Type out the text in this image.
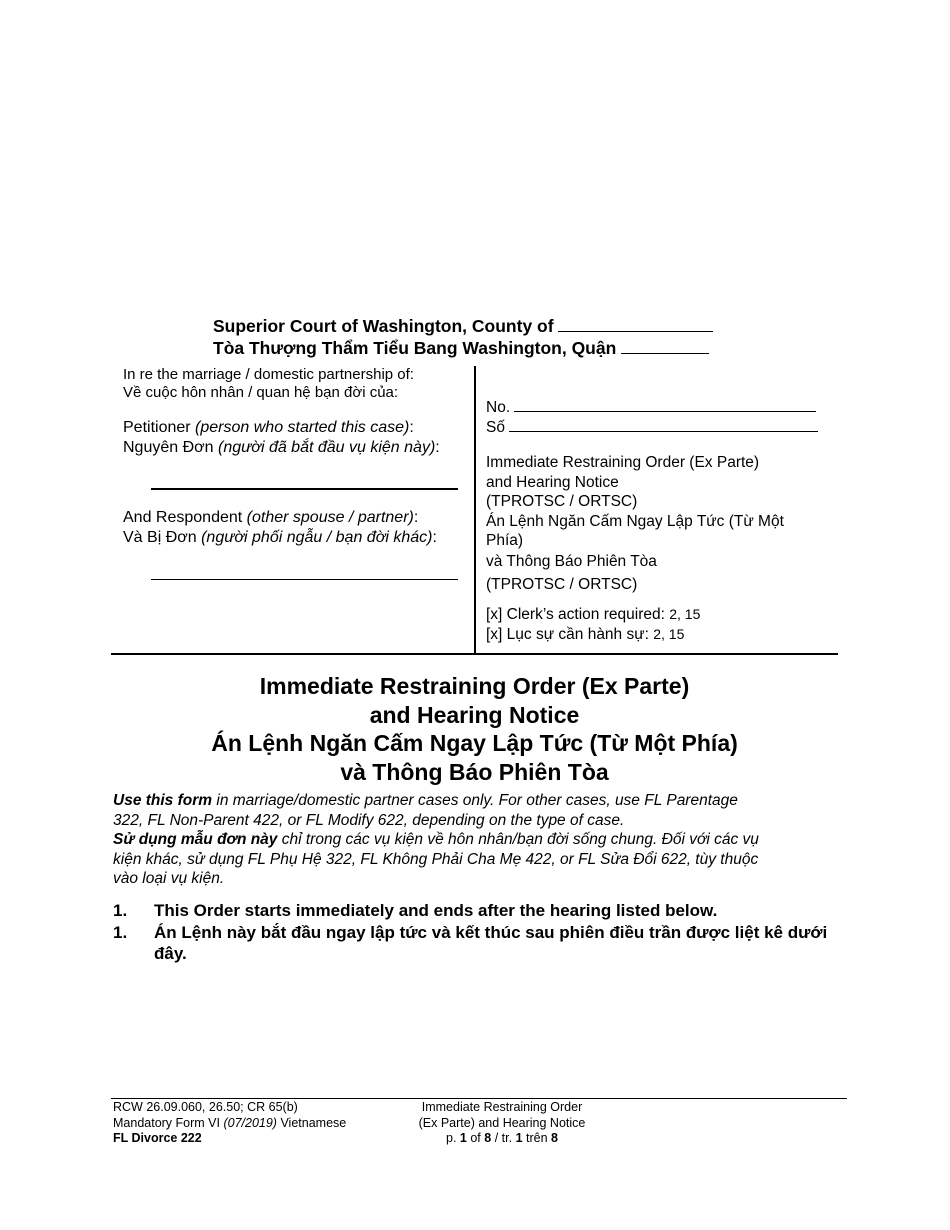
Superior Court of Washington, County of
Tòa Thượng Thẩm Tiểu Bang Washington, Quận
In re the marriage / domestic partnership of:
Về cuộc hôn nhân / quan hệ bạn đời của:
Petitioner (person who started this case):
Nguyên Đơn (người đã bắt đầu vụ kiện này):
And Respondent (other spouse / partner):
Và Bị Đơn (người phối ngẫu / bạn đời khác):
No.
Số
Immediate Restraining Order (Ex Parte)
and Hearing Notice
(TPROTSC / ORTSC)
Án Lệnh Ngăn Cấm Ngay Lập Tức (Từ Một
Phía)
và Thông Báo Phiên Tòa
(TPROTSC / ORTSC)
[x] Clerk’s action required: 2, 15
[x] Lục sự cần hành sự: 2, 15
Immediate Restraining Order (Ex Parte)
and Hearing Notice
Án Lệnh Ngăn Cấm Ngay Lập Tức (Từ Một Phía)
và Thông Báo Phiên Tòa
Use this form in marriage/domestic partner cases only. For other cases, use FL Parentage
322, FL Non-Parent 422, or FL Modify 622, depending on the type of case.
Sử dụng mẫu đơn này chỉ trong các vụ kiện về hôn nhân/bạn đời sống chung. Đối với các vụ
kiện khác, sử dụng FL Phụ Hệ 322, FL Không Phải Cha Mẹ 422, or FL Sửa Đổi 622, tùy thuộc
vào loại vụ kiện.
1. This Order starts immediately and ends after the hearing listed below.
1. Án Lệnh này bắt đầu ngay lập tức và kết thúc sau phiên điều trần được liệt kê dưới đây.
RCW 26.09.060, 26.50; CR 65(b)
Mandatory Form VI (07/2019) Vietnamese
FL Divorce 222
Immediate Restraining Order
(Ex Parte) and Hearing Notice
p. 1 of 8 / tr. 1 trên 8
